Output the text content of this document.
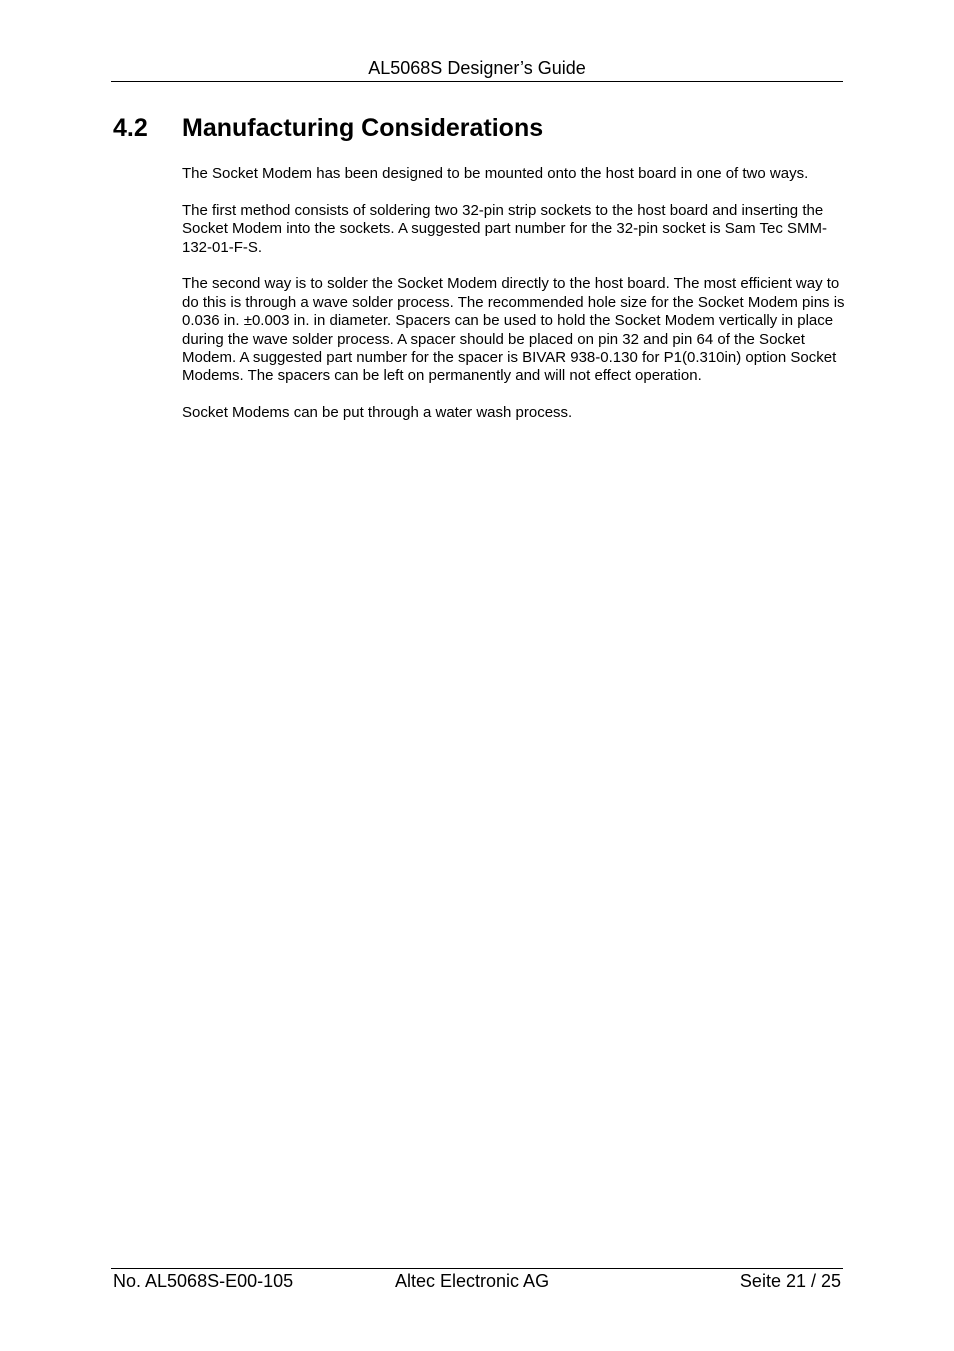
AL5068S Designer’s Guide
4.2 Manufacturing Considerations

The Socket Modem has been designed to be mounted onto the host board in one of two ways.

The first method consists of soldering two 32-pin strip sockets to the host board and inserting the Socket Modem into the sockets. A suggested part number for the 32-pin socket is Sam Tec SMM-132-01-F-S.

The second way is to solder the Socket Modem directly to the host board. The most efficient way to do this is through a wave solder process. The recommended hole size for the Socket Modem pins is 0.036 in. ±0.003 in. in diameter. Spacers can be used to hold the Socket Modem vertically in place during the wave solder process. A spacer should be placed on pin 32 and pin 64 of the Socket Modem. A suggested part number for the spacer is BIVAR 938-0.130 for P1(0.310in) option Socket Modems. The spacers can be left on permanently and will not effect operation.

Socket Modems can be put through a water wash process.

No. AL5068S-E00-105	Altec Electronic AG	Seite 21 / 25
